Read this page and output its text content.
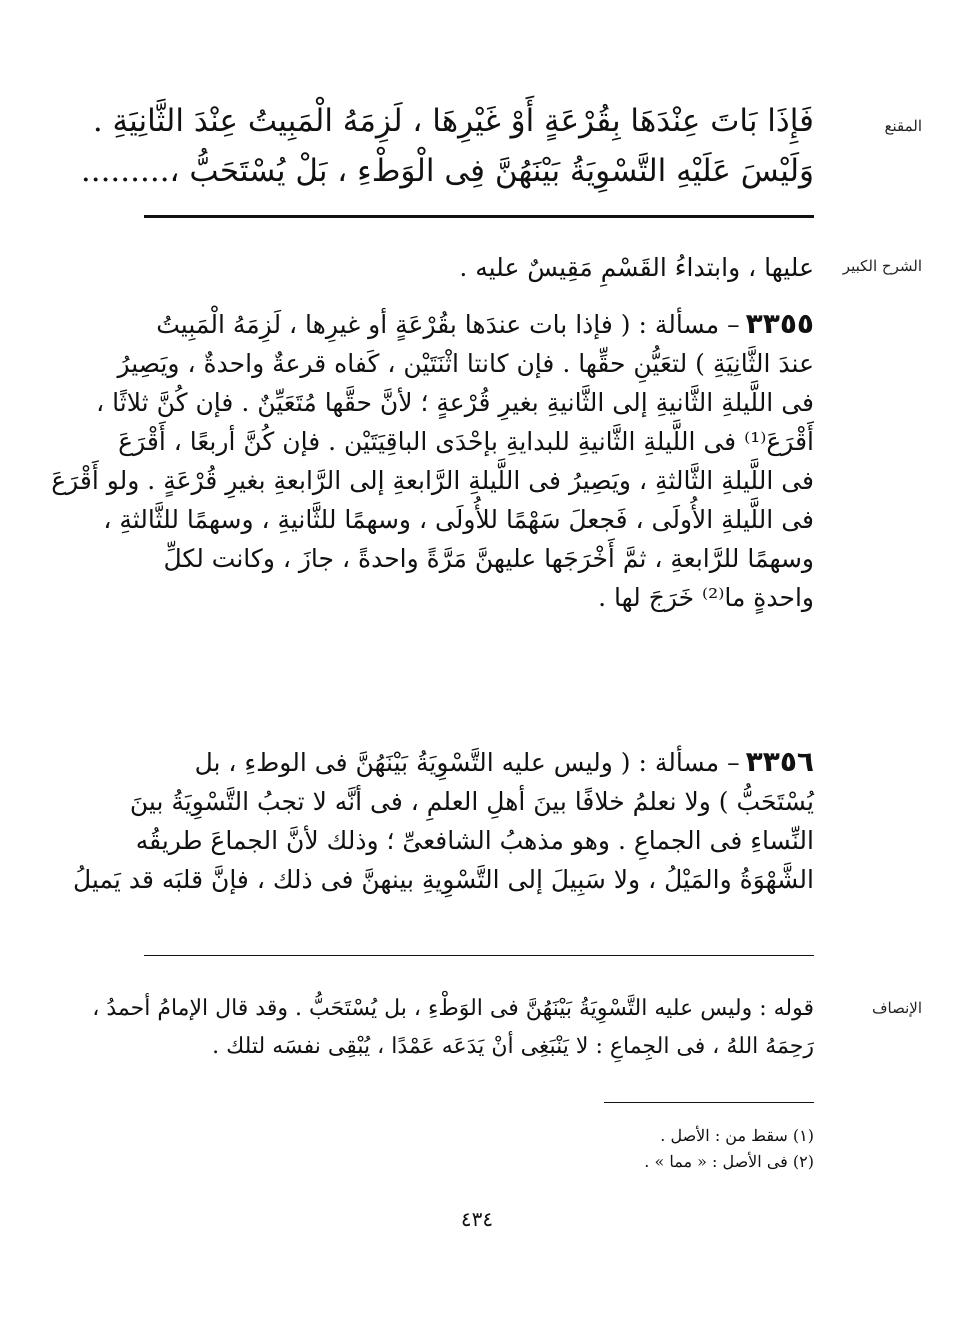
المقنع
فَإِذَا بَاتَ عِنْدَهَا بِقُرْعَةٍ أَوْ غَيْرِهَا ، لَزِمَهُ الْمَبِيتُ عِنْدَ الثَّانِيَةِ .
وَلَيْسَ عَلَيْهِ التَّسْوِيَةُ بَيْنَهُنَّ فِى الْوَطْءِ ، بَلْ يُسْتَحَبُّ ،.........
الشرح الكبير
عليها ، وابتداءُ القَسْمِ مَقِيسٌ عليه .
٣٣٥٥– مسألة : ( فإذا بات عندَها بقُرْعَةٍ أو غيرِها ، لَزِمَهُ الْمَبِيتُ
عندَ الثَّانِيَةِ ) لتعَيُّنِ حقِّها . فإن كانتا اثْنَتَيْن ، كَفاه قرعةٌ واحدةٌ ، ويَصِيرُ
فى اللَّيلةِ الثَّانيةِ إلى الثَّانيةِ بغيرِ قُرْعةٍ ؛ لأنَّ حقَّها مُتَعَيِّنٌ . فإن كُنَّ ثلاثًا ،
أَقْرَعَ⁽¹⁾ فى اللَّيلةِ الثَّانيةِ للبدايةِ بإحْدَى الباقِيَتَيْن . فإن كُنَّ أربعًا ، أَقْرَعَ
فى اللَّيلةِ الثَّالثةِ ، ويَصِيرُ فى اللَّيلةِ الرَّابعةِ إلى الرَّابعةِ بغيرِ قُرْعَةٍ . ولو أَقْرَعَ
فى اللَّيلةِ الأُولَى ، فَجعلَ سَهْمًا للأُولَى ، وسهمًا للثَّانيةِ ، وسهمًا للثَّالثةِ ،
وسهمًا للرَّابعةِ ، ثمَّ أَخْرَجَها عليهنَّ مَرَّةً واحدةً ، جازَ ، وكانت لكلِّ
واحدةٍ ما⁽²⁾ خَرَجَ لها .
٣٣٥٦– مسألة : ( وليس عليه التَّسْوِيَةُ بَيْنَهُنَّ فى الوطءِ ، بل
يُسْتَحَبُّ ) ولا نعلمُ خلافًا بينَ أهلِ العلمِ ، فى أنَّه لا تجبُ التَّسْوِيَةُ بينَ
النِّساءِ فى الجماعِ . وهو مذهبُ الشافعىِّ ؛ وذلك لأنَّ الجماعَ طريقُه
الشَّهْوَةُ والمَيْلُ ، ولا سَبِيلَ إلى التَّسْوِيةِ بينهنَّ فى ذلك ، فإنَّ قلبَه قد يَميلُ
الإنصاف
قوله : وليس عليه التَّسْوِيَةُ بَيْنَهُنَّ فى الوَطْءِ ، بل يُسْتَحَبُّ . وقد قال الإمامُ أحمدُ ،
رَحِمَهُ اللهُ ، فى الجِماعِ : لا يَنْبَغِى أنْ يَدَعَه عَمْدًا ، يُبْقِى نفسَه لتلك .
(١) سقط من : الأصل .
(٢) فى الأصل : « مما » .
٤٣٤
